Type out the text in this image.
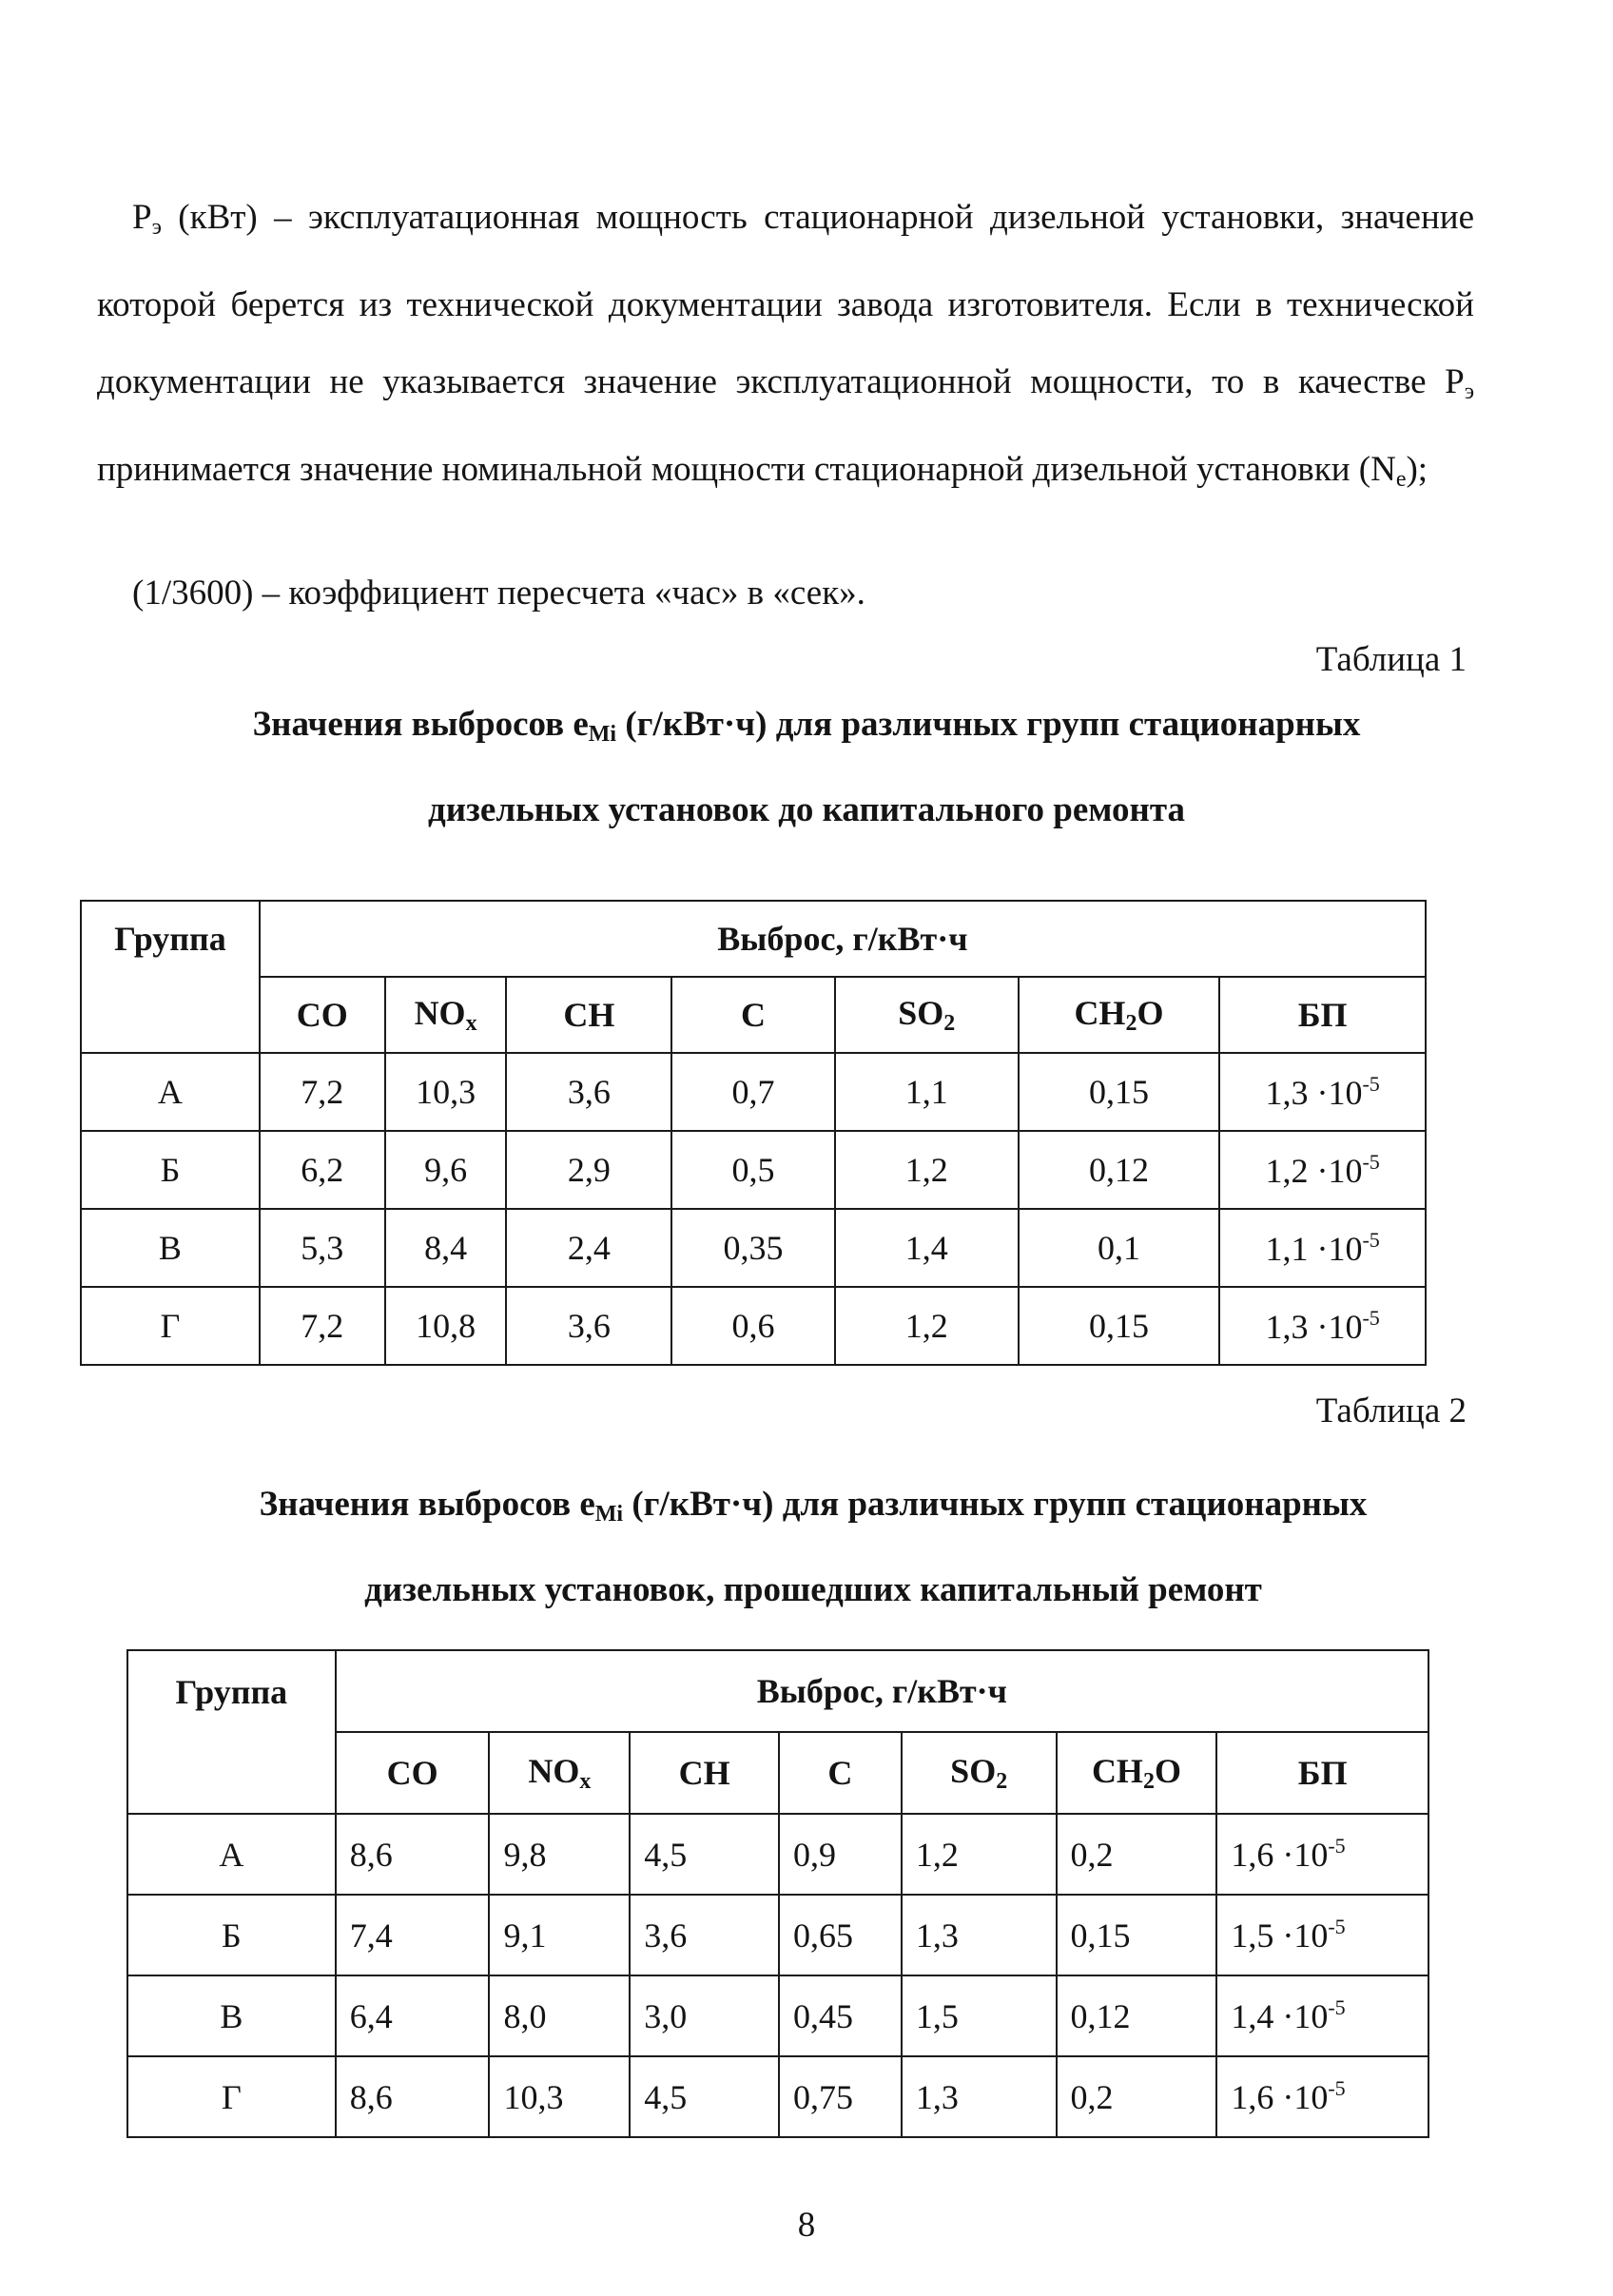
$P_э$ (кВт) – эксплуатационная мощность стационарной дизельной установки, значение которой берется из технической документации завода изготовителя. Если в технической документации не указывается значение эксплуатационной мощности, то в качестве $P_э$ принимается значение номинальной мощности стационарной дизельной установки $(N_e)$;

(1/3600) – коэффициент пересчета «час» в «сек».

Таблица 1

Значения выбросов $e_{Mi}$ (г/кВт·ч) для различных групп стационарных дизельных установок до капитального ремонта

Группа	Выброс, г/кВт·ч						
	CO	$NO_x$	CH	C	$SO_2$	$CH_2O$	БП
А	7,2	10,3	3,6	0,7	1,1	0,15	$1,3 \cdot 10^{-5}$
Б	6,2	9,6	2,9	0,5	1,2	0,12	$1,2 \cdot 10^{-5}$
В	5,3	8,4	2,4	0,35	1,4	0,1	$1,1 \cdot 10^{-5}$
Г	7,2	10,8	3,6	0,6	1,2	0,15	$1,3 \cdot 10^{-5}$

Таблица 2

Значения выбросов $e_{Mi}$ (г/кВт·ч) для различных групп стационарных дизельных установок, прошедших капитальный ремонт

Группа	Выброс, г/кВт·ч						
	CO	$NO_x$	CH	C	$SO_2$	$CH_2O$	БП
А	8,6	9,8	4,5	0,9	1,2	0,2	$1,6 \cdot 10^{-5}$
Б	7,4	9,1	3,6	0,65	1,3	0,15	$1,5 \cdot 10^{-5}$
В	6,4	8,0	3,0	0,45	1,5	0,12	$1,4 \cdot 10^{-5}$
Г	8,6	10,3	4,5	0,75	1,3	0,2	$1,6 \cdot 10^{-5}$

8
